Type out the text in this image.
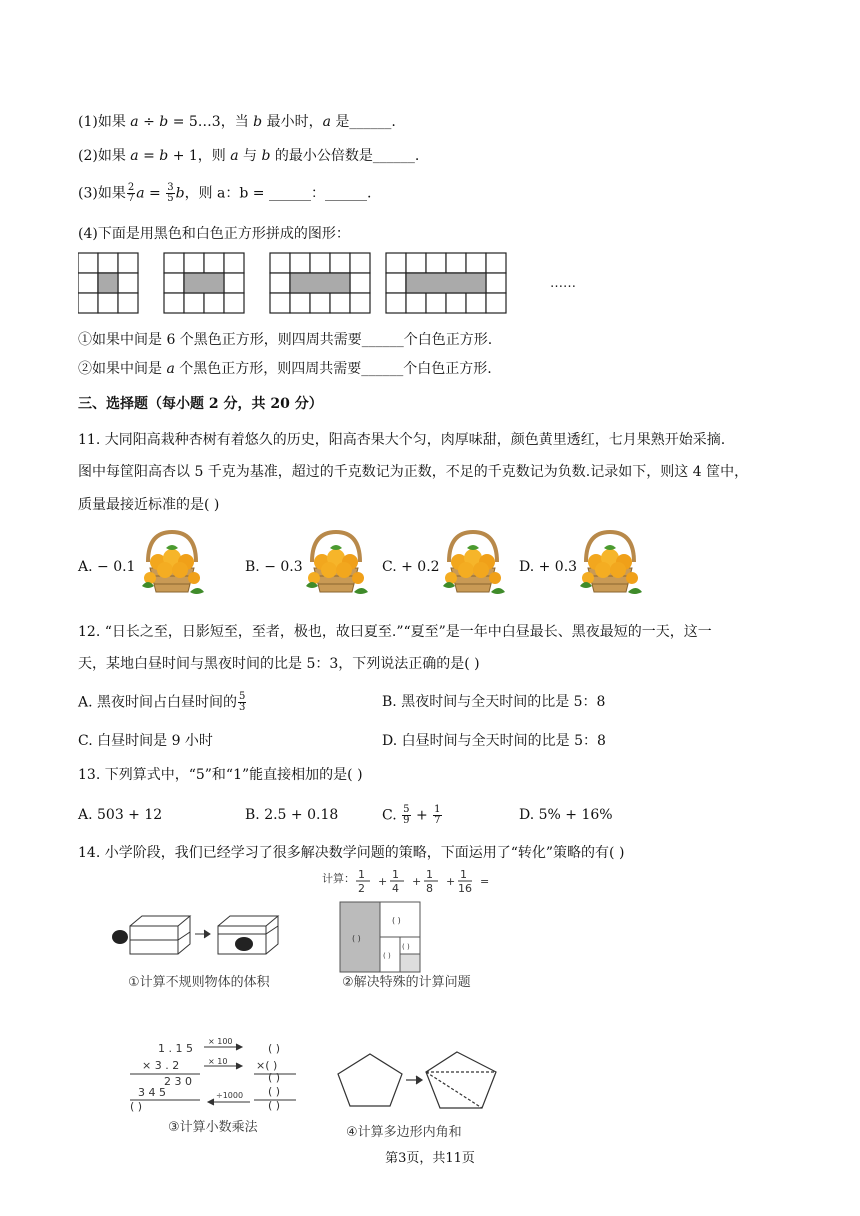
(1)如果 a ÷ b = 5…3，当 b 最小时，a 是______.
(2)如果 a = b + 1，则 a 与 b 的最小公倍数是______.
(3)如果 $\frac{2}{7}$ $a = \frac{3}{5}$ b，则 a：b = ______：______.
(4)下面是用黑色和白色正方形拼成的图形：
……
①如果中间是 6 个黑色正方形，则四周共需要______个白色正方形.
②如果中间是 a 个黑色正方形，则四周共需要______个白色正方形.
三、选择题（每小题 2 分，共 20 分）
11. 大同阳高栽种杏树有着悠久的历史，阳高杏果大个匀，肉厚味甜，颜色黄里透红，七月果熟开始采摘.
图中每筐阳高杏以 5 千克为基准，超过的千克数记为正数，不足的千克数记为负数.记录如下，则这 4 筐中，
质量最接近标准的是( )
A. − 0.1	B. − 0.3	C. + 0.2	D. + 0.3
12. “日长之至，日影短至，至者，极也，故曰夏至.”“夏至”是一年中白昼最长、黑夜最短的一天，这一
天，某地白昼时间与黑夜时间的比是 5：3，下列说法正确的是( )
A. 黑夜时间占白昼时间的 $\frac{5}{3}$	B. 黑夜时间与全天时间的比是 5：8
C. 白昼时间是 9 小时	D. 白昼时间与全天时间的比是 5：8
13. 下列算式中，“5”和“1”能直接相加的是( )
A. 503 + 12	B. 2.5 + 0.18	C. $\frac{5}{9} + \frac{1}{7}$	D. 5% + 16%
14. 小学阶段，我们已经学习了很多解决数学问题的策略，下面运用了“转化”策略的有( )
①计算不规则物体的体积
计算： 1
2
+
1
4
+
1
8
+
1
16
=
( )
( )
( )
( )
②解决特殊的计算问题
1 . 1 5
× 3 . 2
2 3 0
3 4 5
( )
× 100
× 10
÷1000
( )
×( )
( )
( )
( )
③计算小数乘法	④计算多边形内角和
第3页，共11页
